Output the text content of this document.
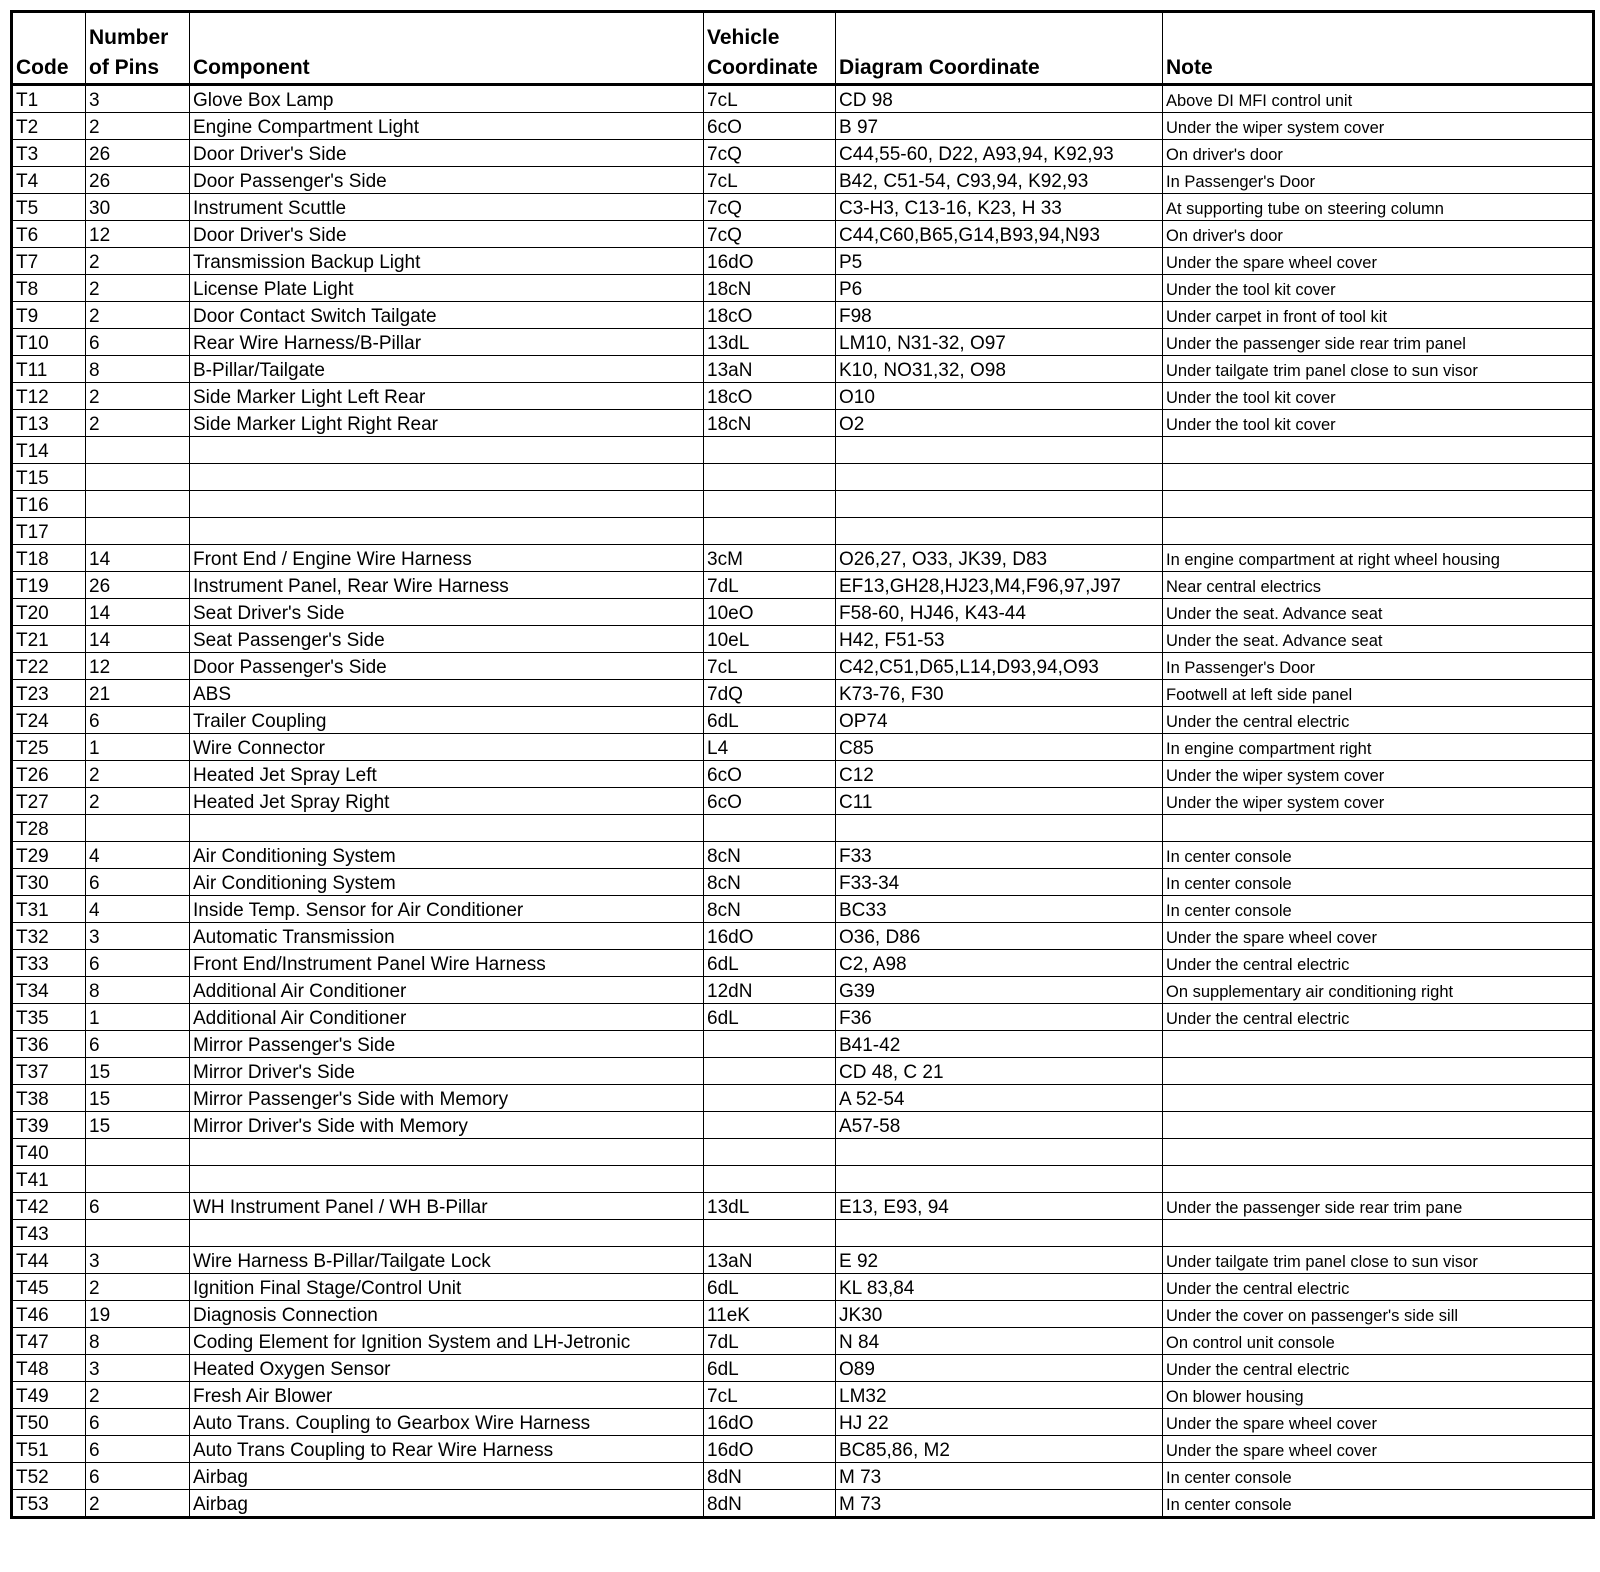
Code	Number of Pins	Component	Vehicle Coordinate	Diagram Coordinate	Note
T1	3	Glove Box Lamp	7cL	CD 98	Above DI MFI control unit
T2	2	Engine Compartment Light	6cO	B 97	Under the wiper system cover
T3	26	Door Driver's Side	7cQ	C44,55-60, D22, A93,94, K92,93	On driver's door
T4	26	Door Passenger's Side	7cL	B42, C51-54, C93,94, K92,93	In Passenger's Door
T5	30	Instrument Scuttle	7cQ	C3-H3, C13-16, K23, H 33	At supporting tube on steering column
T6	12	Door Driver's Side	7cQ	C44,C60,B65,G14,B93,94,N93	On driver's door
T7	2	Transmission Backup Light	16dO	P5	Under the spare wheel cover
T8	2	License Plate Light	18cN	P6	Under the tool kit cover
T9	2	Door Contact Switch Tailgate	18cO	F98	Under carpet in front of tool kit
T10	6	Rear Wire Harness/B-Pillar	13dL	LM10, N31-32, O97	Under the passenger side rear trim panel
T11	8	B-Pillar/Tailgate	13aN	K10, NO31,32, O98	Under tailgate trim panel close to sun visor
T12	2	Side Marker Light Left Rear	18cO	O10	Under the tool kit cover
T13	2	Side Marker Light Right Rear	18cN	O2	Under the tool kit cover
T14					
T15					
T16					
T17					
T18	14	Front End / Engine Wire Harness	3cM	O26,27, O33, JK39, D83	In engine compartment at right wheel housing
T19	26	Instrument Panel, Rear Wire Harness	7dL	EF13,GH28,HJ23,M4,F96,97,J97	Near central electrics
T20	14	Seat Driver's Side	10eO	F58-60, HJ46, K43-44	Under the seat. Advance seat
T21	14	Seat Passenger's Side	10eL	H42, F51-53	Under the seat. Advance seat
T22	12	Door Passenger's Side	7cL	C42,C51,D65,L14,D93,94,O93	In Passenger's Door
T23	21	ABS	7dQ	K73-76, F30	Footwell at left side panel
T24	6	Trailer Coupling	6dL	OP74	Under the central electric
T25	1	Wire Connector	L4	C85	In engine compartment right
T26	2	Heated Jet Spray Left	6cO	C12	Under the wiper system cover
T27	2	Heated Jet Spray Right	6cO	C11	Under the wiper system cover
T28					
T29	4	Air Conditioning System	8cN	F33	In center console
T30	6	Air Conditioning System	8cN	F33-34	In center console
T31	4	Inside Temp. Sensor for Air Conditioner	8cN	BC33	In center console
T32	3	Automatic Transmission	16dO	O36, D86	Under the spare wheel cover
T33	6	Front End/Instrument Panel Wire Harness	6dL	C2, A98	Under the central electric
T34	8	Additional Air Conditioner	12dN	G39	On supplementary air conditioning right
T35	1	Additional Air Conditioner	6dL	F36	Under the central electric
T36	6	Mirror Passenger's Side		B41-42	
T37	15	Mirror Driver's Side		CD 48, C 21	
T38	15	Mirror Passenger's Side with Memory		A 52-54	
T39	15	Mirror Driver's Side with Memory		A57-58	
T40					
T41					
T42	6	WH Instrument Panel / WH B-Pillar	13dL	E13, E93, 94	Under the passenger side rear trim pane
T43					
T44	3	Wire Harness B-Pillar/Tailgate Lock	13aN	E 92	Under tailgate trim panel close to sun visor
T45	2	Ignition Final Stage/Control Unit	6dL	KL 83,84	Under the central electric
T46	19	Diagnosis Connection	11eK	JK30	Under the cover on passenger's side sill
T47	8	Coding Element for Ignition System and LH-Jetronic	7dL	N 84	On control unit console
T48	3	Heated Oxygen Sensor	6dL	O89	Under the central electric
T49	2	Fresh Air Blower	7cL	LM32	On blower housing
T50	6	Auto Trans. Coupling to Gearbox Wire Harness	16dO	HJ 22	Under the spare wheel cover
T51	6	Auto Trans Coupling to Rear Wire Harness	16dO	BC85,86, M2	Under the spare wheel cover
T52	6	Airbag	8dN	M 73	In center console
T53	2	Airbag	8dN	M 73	In center console
